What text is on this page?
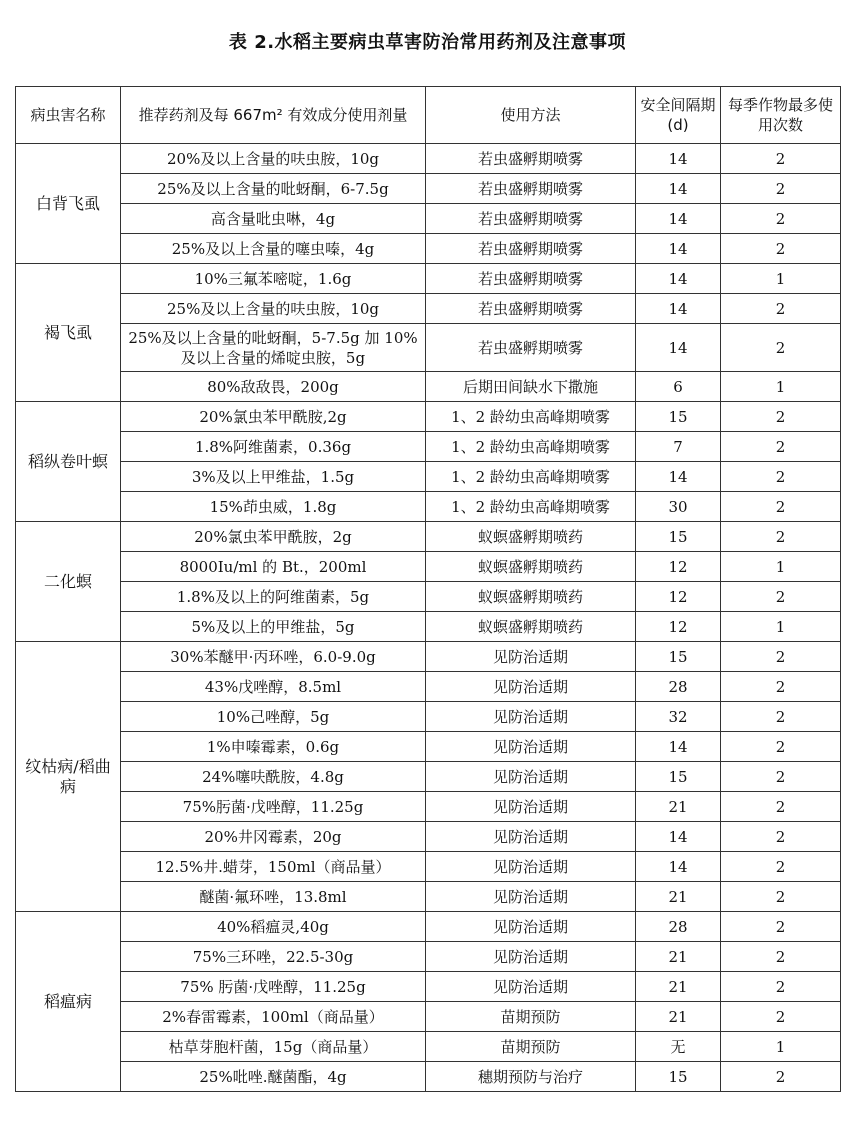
表 2.水稻主要病虫草害防治常用药剂及注意事项
病虫害名称	推荐药剂及每 667m² 有效成分使用剂量	使用方法	安全间隔期(d)	每季作物最多使用次数
白背飞虱	20%及以上含量的呋虫胺，10g	若虫盛孵期喷雾	14	2
	25%及以上含量的吡蚜酮，6-7.5g	若虫盛孵期喷雾	14	2
	高含量吡虫啉，4g	若虫盛孵期喷雾	14	2
	25%及以上含量的噻虫嗪，4g	若虫盛孵期喷雾	14	2
褐飞虱	10%三氟苯嘧啶，1.6g	若虫盛孵期喷雾	14	1
	25%及以上含量的呋虫胺，10g	若虫盛孵期喷雾	14	2
	25%及以上含量的吡蚜酮，5-7.5g 加 10%及以上含量的烯啶虫胺，5g	若虫盛孵期喷雾	14	2
	80%敌敌畏，200g	后期田间缺水下撒施	6	1
稻纵卷叶螟	20%氯虫苯甲酰胺,2g	1、2 龄幼虫高峰期喷雾	15	2
	1.8%阿维菌素，0.36g	1、2 龄幼虫高峰期喷雾	7	2
	3%及以上甲维盐，1.5g	1、2 龄幼虫高峰期喷雾	14	2
	15%茚虫威，1.8g	1、2 龄幼虫高峰期喷雾	30	2
二化螟	20%氯虫苯甲酰胺，2g	蚁螟盛孵期喷药	15	2
	8000Iu/ml 的 Bt.，200ml	蚁螟盛孵期喷药	12	1
	1.8%及以上的阿维菌素，5g	蚁螟盛孵期喷药	12	2
	5%及以上的甲维盐，5g	蚁螟盛孵期喷药	12	1
纹枯病/稻曲病	30%苯醚甲·丙环唑，6.0-9.0g	见防治适期	15	2
	43%戊唑醇，8.5ml	见防治适期	28	2
	10%己唑醇，5g	见防治适期	32	2
	1%申嗪霉素，0.6g	见防治适期	14	2
	24%噻呋酰胺，4.8g	见防治适期	15	2
	75%肟菌·戊唑醇，11.25g	见防治适期	21	2
	20%井冈霉素，20g	见防治适期	14	2
	12.5%井.蜡芽，150ml（商品量）	见防治适期	14	2
	醚菌·氟环唑，13.8ml	见防治适期	21	2
稻瘟病	40%稻瘟灵,40g	见防治适期	28	2
	75%三环唑，22.5-30g	见防治适期	21	2
	75% 肟菌·戊唑醇，11.25g	见防治适期	21	2
	2%春雷霉素，100ml（商品量）	苗期预防	21	2
	枯草芽胞杆菌，15g（商品量）	苗期预防	无	1
	25%吡唑.醚菌酯，4g	穗期预防与治疗	15	2
